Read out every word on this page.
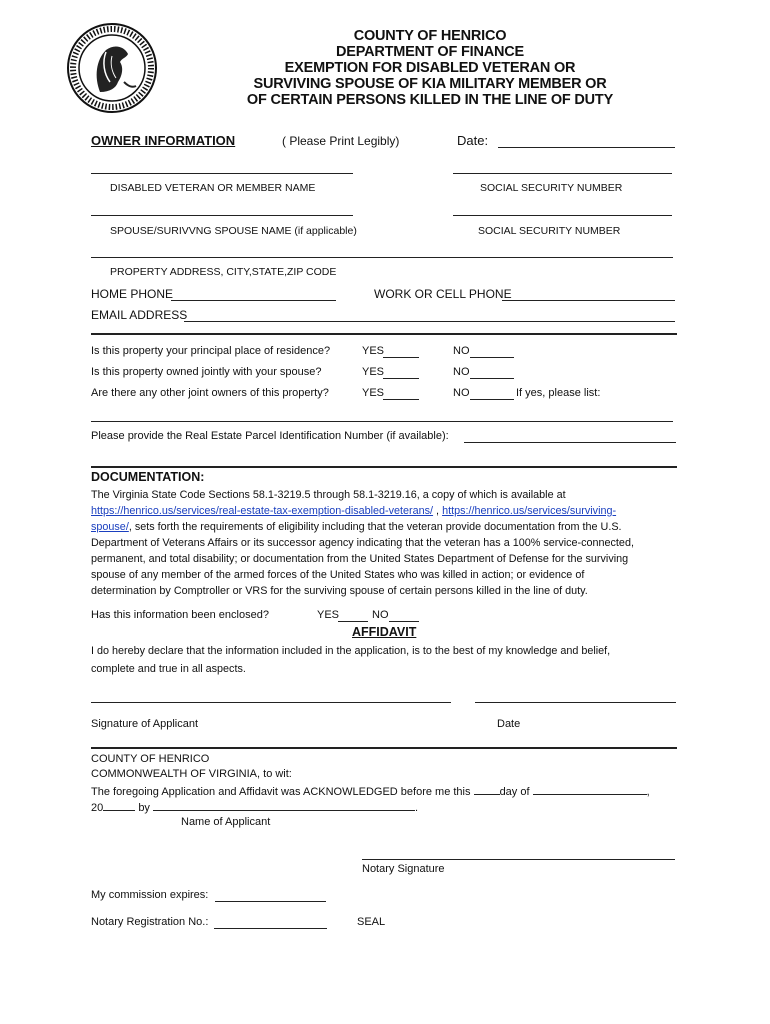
COUNTY OF HENRICO
DEPARTMENT OF FINANCE
EXEMPTION FOR DISABLED VETERAN OR
SURVIVING SPOUSE OF KIA MILITARY MEMBER OR
OF CERTAIN PERSONS KILLED IN THE LINE OF DUTY
OWNER INFORMATION	( Please Print Legibly)	Date:
DISABLED VETERAN OR MEMBER NAME	SOCIAL SECURITY NUMBER
SPOUSE/SURIVVNG SPOUSE NAME (if applicable)	SOCIAL SECURITY NUMBER
PROPERTY ADDRESS, CITY,STATE,ZIP CODE
HOME PHONE	WORK OR CELL PHONE
EMAIL ADDRESS
Is this property your principal place of residence?	YES	NO
Is this property owned jointly with your spouse?	YES	NO
Are there any other joint owners of this property?	YES	NO	If yes, please list:
Please provide the Real Estate Parcel Identification Number (if available):
DOCUMENTATION:
The Virginia State Code Sections 58.1-3219.5 through 58.1-3219.16, a copy of which is available at
https://henrico.us/services/real-estate-tax-exemption-disabled-veterans/ , https://henrico.us/services/surviving-
spouse/, sets forth the requirements of eligibility including that the veteran provide documentation from the U.S.
Department of Veterans Affairs or its successor agency indicating that the veteran has a 100% service-connected,
permanent, and total disability; or documentation from the United States Department of Defense for the surviving
spouse of any member of the armed forces of the United States who was killed in action; or evidence of
determination by Comptroller or VRS for the surviving spouse of certain persons killed in the line of duty.
Has this information been enclosed?	YES	NO
AFFIDAVIT
I do hereby declare that the information included in the application, is to the best of my knowledge and belief,
complete and true in all aspects.
Signature of Applicant	Date
COUNTY OF HENRICO
COMMONWEALTH OF VIRGINIA, to wit:
The foregoing Application and Affidavit was ACKNOWLEDGED before me this	day of	,
20	by	.
Name of Applicant
Notary Signature
My commission expires:
Notary Registration No.:	SEAL
